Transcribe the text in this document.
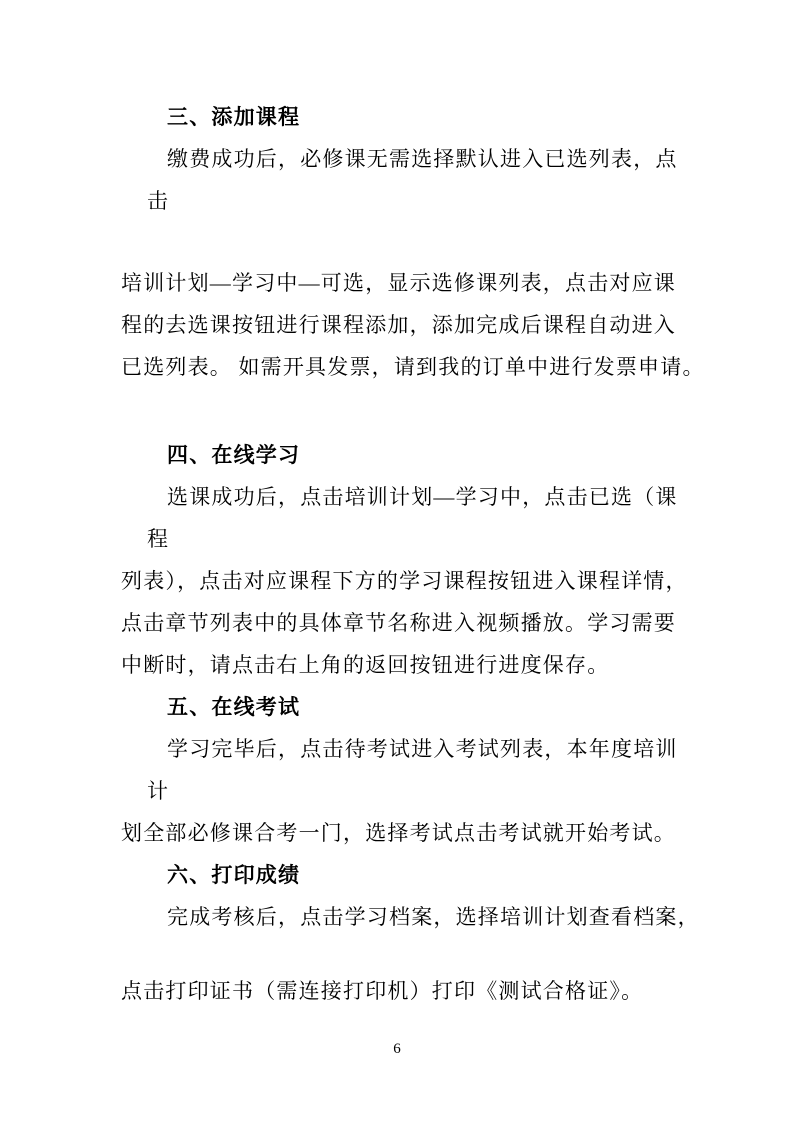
三、添加课程
缴费成功后，必修课无需选择默认进入已选列表，点
击
培训计划—学习中—可选，显示选修课列表，点击对应课
程的去选课按钮进行课程添加，添加完成后课程自动进入
已选列表。 如需开具发票，请到我的订单中进行发票申请。
四、在线学习
选课成功后，点击培训计划—学习中，点击已选（课
程
列表），点击对应课程下方的学习课程按钮进入课程详情，
点击章节列表中的具体章节名称进入视频播放。学习需要
中断时，请点击右上角的返回按钮进行进度保存。
五、在线考试
学习完毕后，点击待考试进入考试列表，本年度培训
计
划全部必修课合考一门，选择考试点击考试就开始考试。
六、打印成绩
完成考核后，点击学习档案，选择培训计划查看档案，
点击打印证书（需连接打印机）打印《测试合格证》。
6
